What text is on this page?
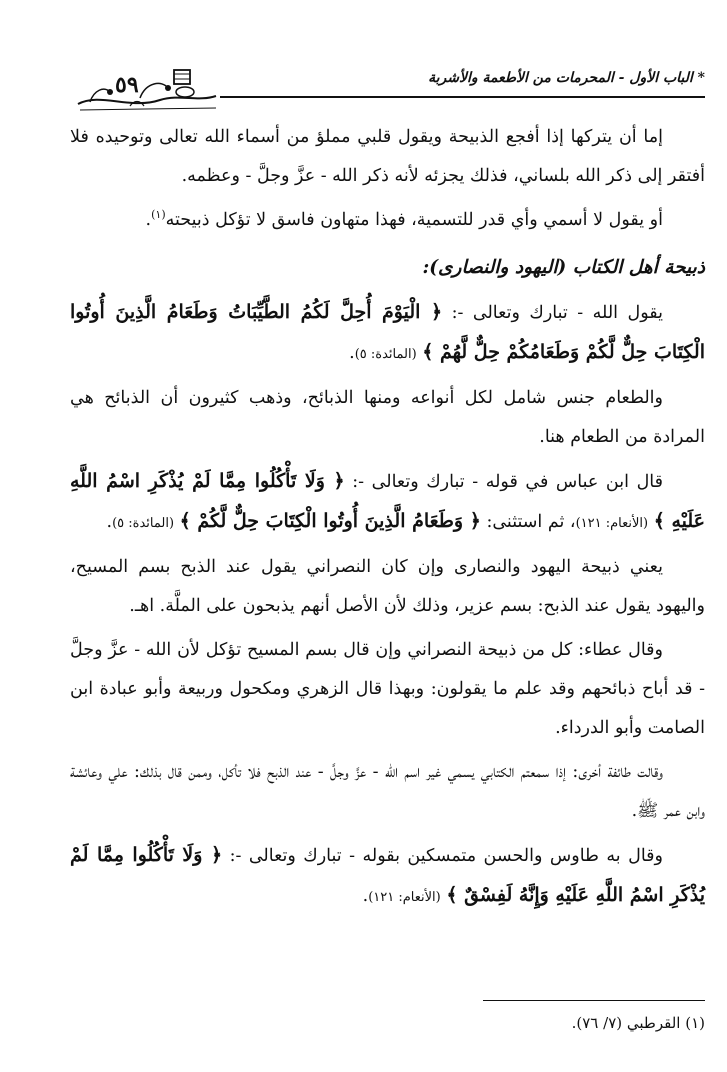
٥٩	* الباب الأول - المحرمات من الأطعمة والأشربة

إما أن يتركها إذا أفجع الذبيحة ويقول قلبي مملؤ من أسماء الله تعالى وتوحيده فلا أفتقر إلى ذكر الله بلساني، فذلك يجزئه لأنه ذكر الله - عزَّ وجلَّ - وعظمه.

أو يقول لا أسمي وأي قدر للتسمية، فهذا متهاون فاسق لا تؤكل ذبيحته$^{(١)}$.

ذبيحة أهل الكتاب (اليهود والنصارى):

يقول الله - تبارك وتعالى -: ﴿ الْيَوْمَ أُحِلَّ لَكُمُ الطَّيِّبَاتُ وَطَعَامُ الَّذِينَ أُوتُوا الْكِتَابَ حِلٌّ لَّكُمْ وَطَعَامُكُمْ حِلٌّ لَّهُمْ ﴾ (المائدة: ٥).

والطعام جنس شامل لكل أنواعه ومنها الذبائح، وذهب كثيرون أن الذبائح هي المرادة من الطعام هنا.

قال ابن عباس في قوله - تبارك وتعالى -: ﴿ وَلَا تَأْكُلُوا مِمَّا لَمْ يُذْكَرِ اسْمُ اللَّهِ عَلَيْهِ ﴾ (الأنعام: ١٢١)، ثم استثنى: ﴿ وَطَعَامُ الَّذِينَ أُوتُوا الْكِتَابَ حِلٌّ لَّكُمْ ﴾ (المائدة: ٥).

يعني ذبيحة اليهود والنصارى وإن كان النصراني يقول عند الذبح بسم المسيح، واليهود يقول عند الذبح: بسم عزير، وذلك لأن الأصل أنهم يذبحون على الملَّة. اهـ.

وقال عطاء: كل من ذبيحة النصراني وإن قال بسم المسيح تؤكل لأن الله - عزَّ وجلَّ - قد أباح ذبائحهم وقد علم ما يقولون: وبهذا قال الزهري ومكحول وربيعة وأبو عبادة ابن الصامت وأبو الدرداء.

وقالت طائفة أخرى: إذا سمعتم الكتابي يسمي غير اسم الله - عزَّ وجلَّ - عند الذبح فلا تأكل، وممن قال بذلك: علي وعائشة وابن عمر ﷺ.

وقال به طاوس والحسن متمسكين بقوله - تبارك وتعالى -: ﴿ وَلَا تَأْكُلُوا مِمَّا لَمْ يُذْكَرِ اسْمُ اللَّهِ عَلَيْهِ وَإِنَّهُ لَفِسْقٌ ﴾ (الأنعام: ١٢١).

(١) القرطبي (٧/ ٧٦).
